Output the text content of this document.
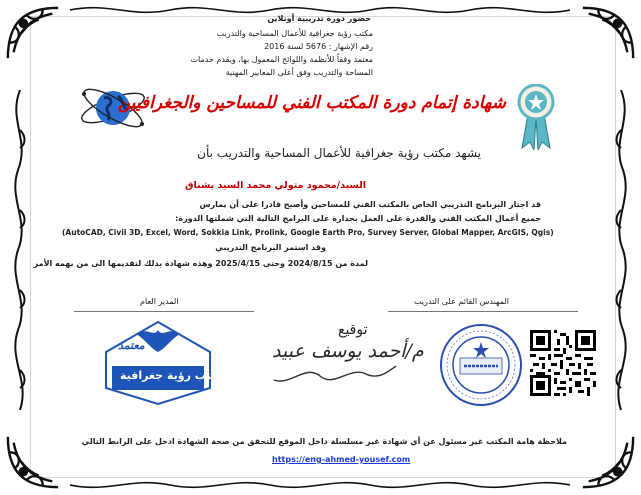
حضور دورة تدريبية أونلاين
مكتب رؤية جغرافية للأعمال المساحية والتدريب
رقم الإشهار : 5676 لسنة 2016
معتمد وفقاً للأنظمة واللوائح المعمول بها، ويقدم خدمات
المساحة والتدريب وفق أعلى المعايير المهنية
شهادة إتمام دورة المكتب الفني للمساحين والجغرافيين
يشهد مكتب رؤية جغرافية للأعمال المساحية والتدريب بأن
السيد/محمود متولي محمد السيد بشناق
قد اجتاز البرنامج التدريبي الخاص بالمكتب الفني للمساحين وأصبح قادرا على أن يمارس
جميع أعمال المكتب الفني والقدرة على العمل بجدارة على البرامج التالية التي شملتها الدورة:
(AutoCAD, Civil 3D, Excel, Word, Sokkia Link, Prolink, Google Earth Pro, Survey Server, Global Mapper, ArcGIS, Qgis)
وقد استمر البرنامج التدريبي
لمدة من 2024/8/15 وحتى 2025/4/15 وهذه شهادة بذلك لتقديمها الى من يهمه الأمر
المدير العام	المهندس القائم على التدريب
معتمد
مكتب رؤية جغرافية
توقيع
م/أحمد يوسف عبيد
ملاحظة هامة المكتب غير مسئول عن أي شهادة غير مسلسلة داخل الموقع للتحقق من صحة الشهادة ادخل على الرابط التالي
https://eng-ahmed-yousef.com
